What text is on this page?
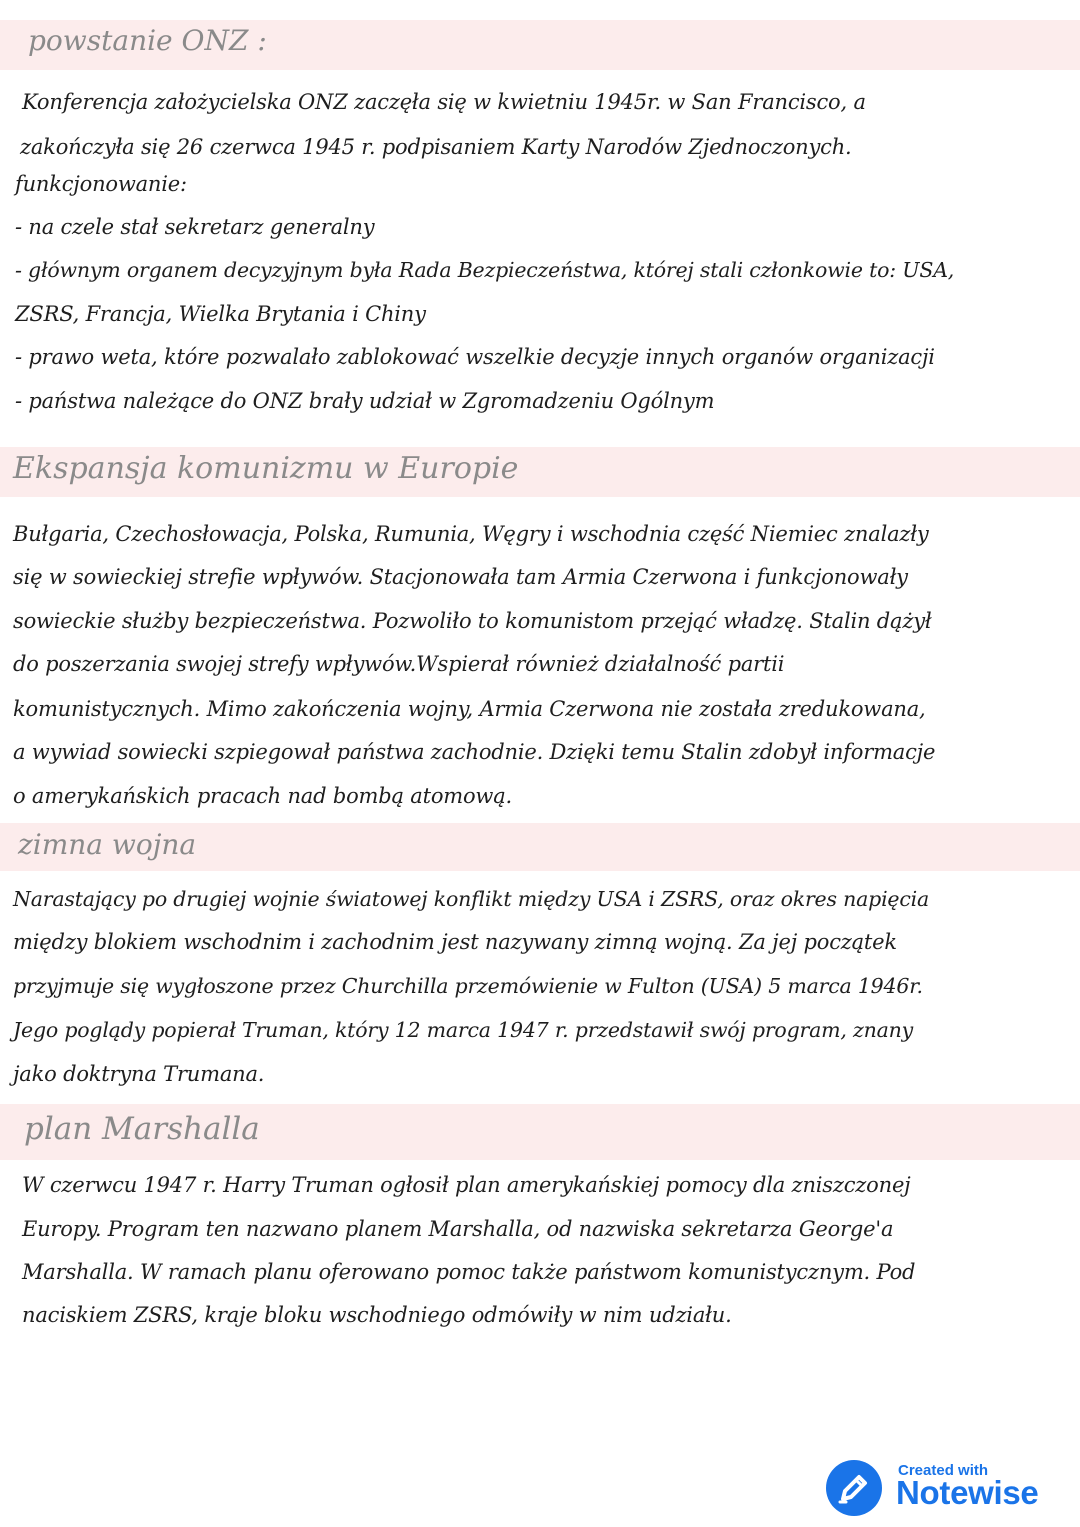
powstanie ONZ :

Konferencja założycielska ONZ zaczęła się w kwietniu 1945r. w San Francisco, a

zakończyła się 26 czerwca 1945 r. podpisaniem Karty Narodów Zjednoczonych.

funkcjonowanie:

- na czele stał sekretarz generalny

- głównym organem decyzyjnym była Rada Bezpieczeństwa, której stali członkowie to: USA,

ZSRS, Francja, Wielka Brytania i Chiny

- prawo weta, które pozwalało zablokować wszelkie decyzje innych organów organizacji

- państwa należące do ONZ brały udział w Zgromadzeniu Ogólnym

Ekspansja komunizmu w Europie

Bułgaria, Czechosłowacja, Polska, Rumunia, Węgry i wschodnia część Niemiec znalazły

się w sowieckiej strefie wpływów. Stacjonowała tam Armia Czerwona i funkcjonowały

sowieckie służby bezpieczeństwa. Pozwoliło to komunistom przejąć władzę. Stalin dążył

do poszerzania swojej strefy wpływów.Wspierał również działalność partii

komunistycznych. Mimo zakończenia wojny, Armia Czerwona nie została zredukowana,

a wywiad sowiecki szpiegował państwa zachodnie. Dzięki temu Stalin zdobył informacje

o amerykańskich pracach nad bombą atomową.

zimna wojna

Narastający po drugiej wojnie światowej konflikt między USA i ZSRS, oraz okres napięcia

między blokiem wschodnim i zachodnim jest nazywany zimną wojną. Za jej początek

przyjmuje się wygłoszone przez Churchilla przemówienie w Fulton (USA) 5 marca 1946r.

Jego poglądy popierał Truman, który 12 marca 1947 r. przedstawił swój program, znany

jako doktryna Trumana.

plan Marshalla

W czerwcu 1947 r. Harry Truman ogłosił plan amerykańskiej pomocy dla zniszczonej

Europy. Program ten nazwano planem Marshalla, od nazwiska sekretarza George'a

Marshalla. W ramach planu oferowano pomoc także państwom komunistycznym. Pod

naciskiem ZSRS, kraje bloku wschodniego odmówiły w nim udziału.

Created with
Notewise
